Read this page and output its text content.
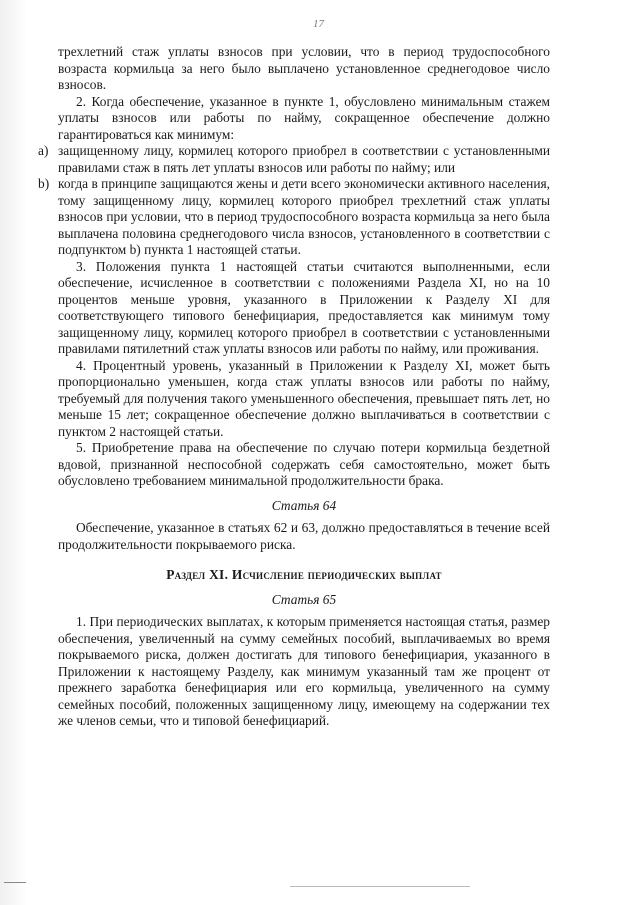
17

трехлетний стаж уплаты взносов при условии, что в период трудоспособного возраста кормильца за него было выплачено установленное среднегодовое число взносов.

2. Когда обеспечение, указанное в пункте 1, обусловлено минимальным стажем уплаты взносов или работы по найму, сокращенное обеспечение должно гарантироваться как минимум:

a) защищенному лицу, кормилец которого приобрел в соответствии с установленными правилами стаж в пять лет уплаты взносов или работы по найму; или
b) когда в принципе защищаются жены и дети всего экономически активного населения, тому защищенному лицу, кормилец которого приобрел трехлетний стаж уплаты взносов при условии, что в период трудоспособного возраста кормильца за него была выплачена половина среднегодового числа взносов, установленного в соответствии с подпунктом b) пункта 1 настоящей статьи.

3. Положения пункта 1 настоящей статьи считаются выполненными, если обеспечение, исчисленное в соответствии с положениями Раздела XI, но на 10 процентов меньше уровня, указанного в Приложении к Разделу XI для соответствующего типового бенефициария, предоставляется как минимум тому защищенному лицу, кормилец которого приобрел в соответствии с установленными правилами пятилетний стаж уплаты взносов или работы по найму, или проживания.

4. Процентный уровень, указанный в Приложении к Разделу XI, может быть пропорционально уменьшен, когда стаж уплаты взносов или работы по найму, требуемый для получения такого уменьшенного обеспечения, превышает пять лет, но меньше 15 лет; сокращенное обеспечение должно выплачиваться в соответствии с пунктом 2 настоящей статьи.

5. Приобретение права на обеспечение по случаю потери кормильца бездетной вдовой, признанной неспособной содержать себя самостоятельно, может быть обусловлено требованием минимальной продолжительности брака.

Статья 64

Обеспечение, указанное в статьях 62 и 63, должно предоставляться в течение всей продолжительности покрываемого риска.

Раздел XI. Исчисление периодических выплат
Статья 65

1. При периодических выплатах, к которым применяется настоящая статья, размер обеспечения, увеличенный на сумму семейных пособий, выплачиваемых во время покрываемого риска, должен достигать для типового бенефициария, указанного в Приложении к настоящему Разделу, как минимум указанный там же процент от прежнего заработка бенефициария или его кормильца, увеличенного на сумму семейных пособий, положенных защищенному лицу, имеющему на содержании тех же членов семьи, что и типовой бенефициарий.
